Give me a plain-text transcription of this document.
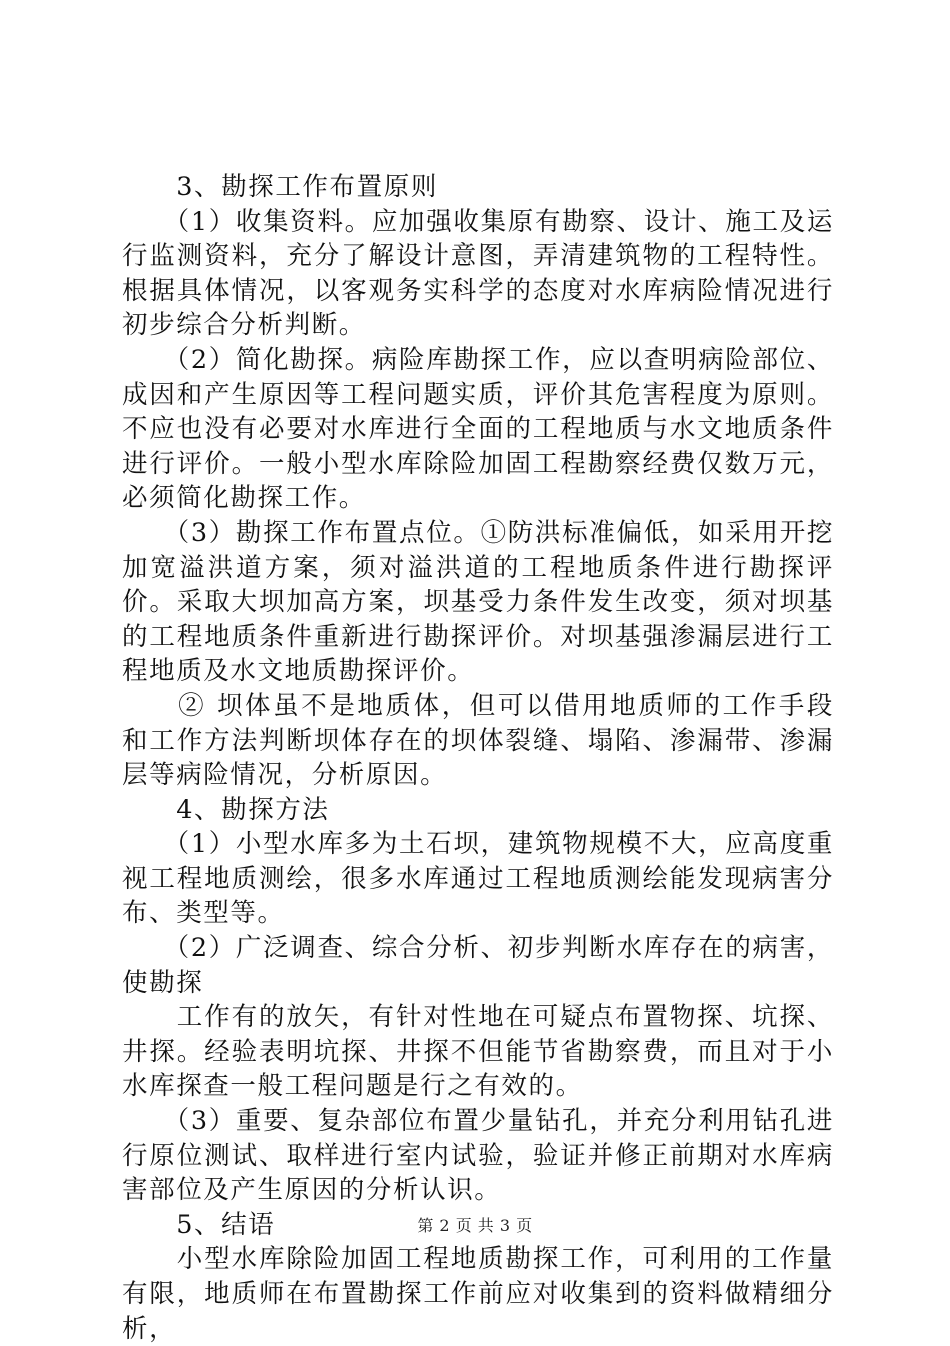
　　3、勘探工作布置原则

　　（1）收集资料。应加强收集原有勘察、设计、施工及运行监测资料，充分了解设计意图，弄清建筑物的工程特性。根据具体情况，以客观务实科学的态度对水库病险情况进行初步综合分析判断。

　　（2）简化勘探。病险库勘探工作，应以查明病险部位、成因和产生原因等工程问题实质，评价其危害程度为原则。不应也没有必要对水库进行全面的工程地质与水文地质条件进行评价。一般小型水库除险加固工程勘察经费仅数万元，必须简化勘探工作。

　　（3）勘探工作布置点位。①防洪标准偏低，如采用开挖加宽溢洪道方案，须对溢洪道的工程地质条件进行勘探评价。采取大坝加高方案，坝基受力条件发生改变，须对坝基的工程地质条件重新进行勘探评价。对坝基强渗漏层进行工程地质及水文地质勘探评价。

　　② 坝体虽不是地质体，但可以借用地质师的工作手段和工作方法判断坝体存在的坝体裂缝、塌陷、渗漏带、渗漏层等病险情况，分析原因。

　　4、勘探方法

　　（1）小型水库多为土石坝，建筑物规模不大，应高度重视工程地质测绘，很多水库通过工程地质测绘能发现病害分布、类型等。

　　（2）广泛调查、综合分析、初步判断水库存在的病害，使勘探

　　工作有的放矢，有针对性地在可疑点布置物探、坑探、井探。经验表明坑探、井探不但能节省勘察费，而且对于小水库探查一般工程问题是行之有效的。

　　（3）重要、复杂部位布置少量钻孔，并充分利用钻孔进行原位测试、取样进行室内试验，验证并修正前期对水库病害部位及产生原因的分析认识。

　　5、结语

　　小型水库除险加固工程地质勘探工作，可利用的工作量有限，地质师在布置勘探工作前应对收集到的资料做精细分析，

第 2 页 共 3 页
